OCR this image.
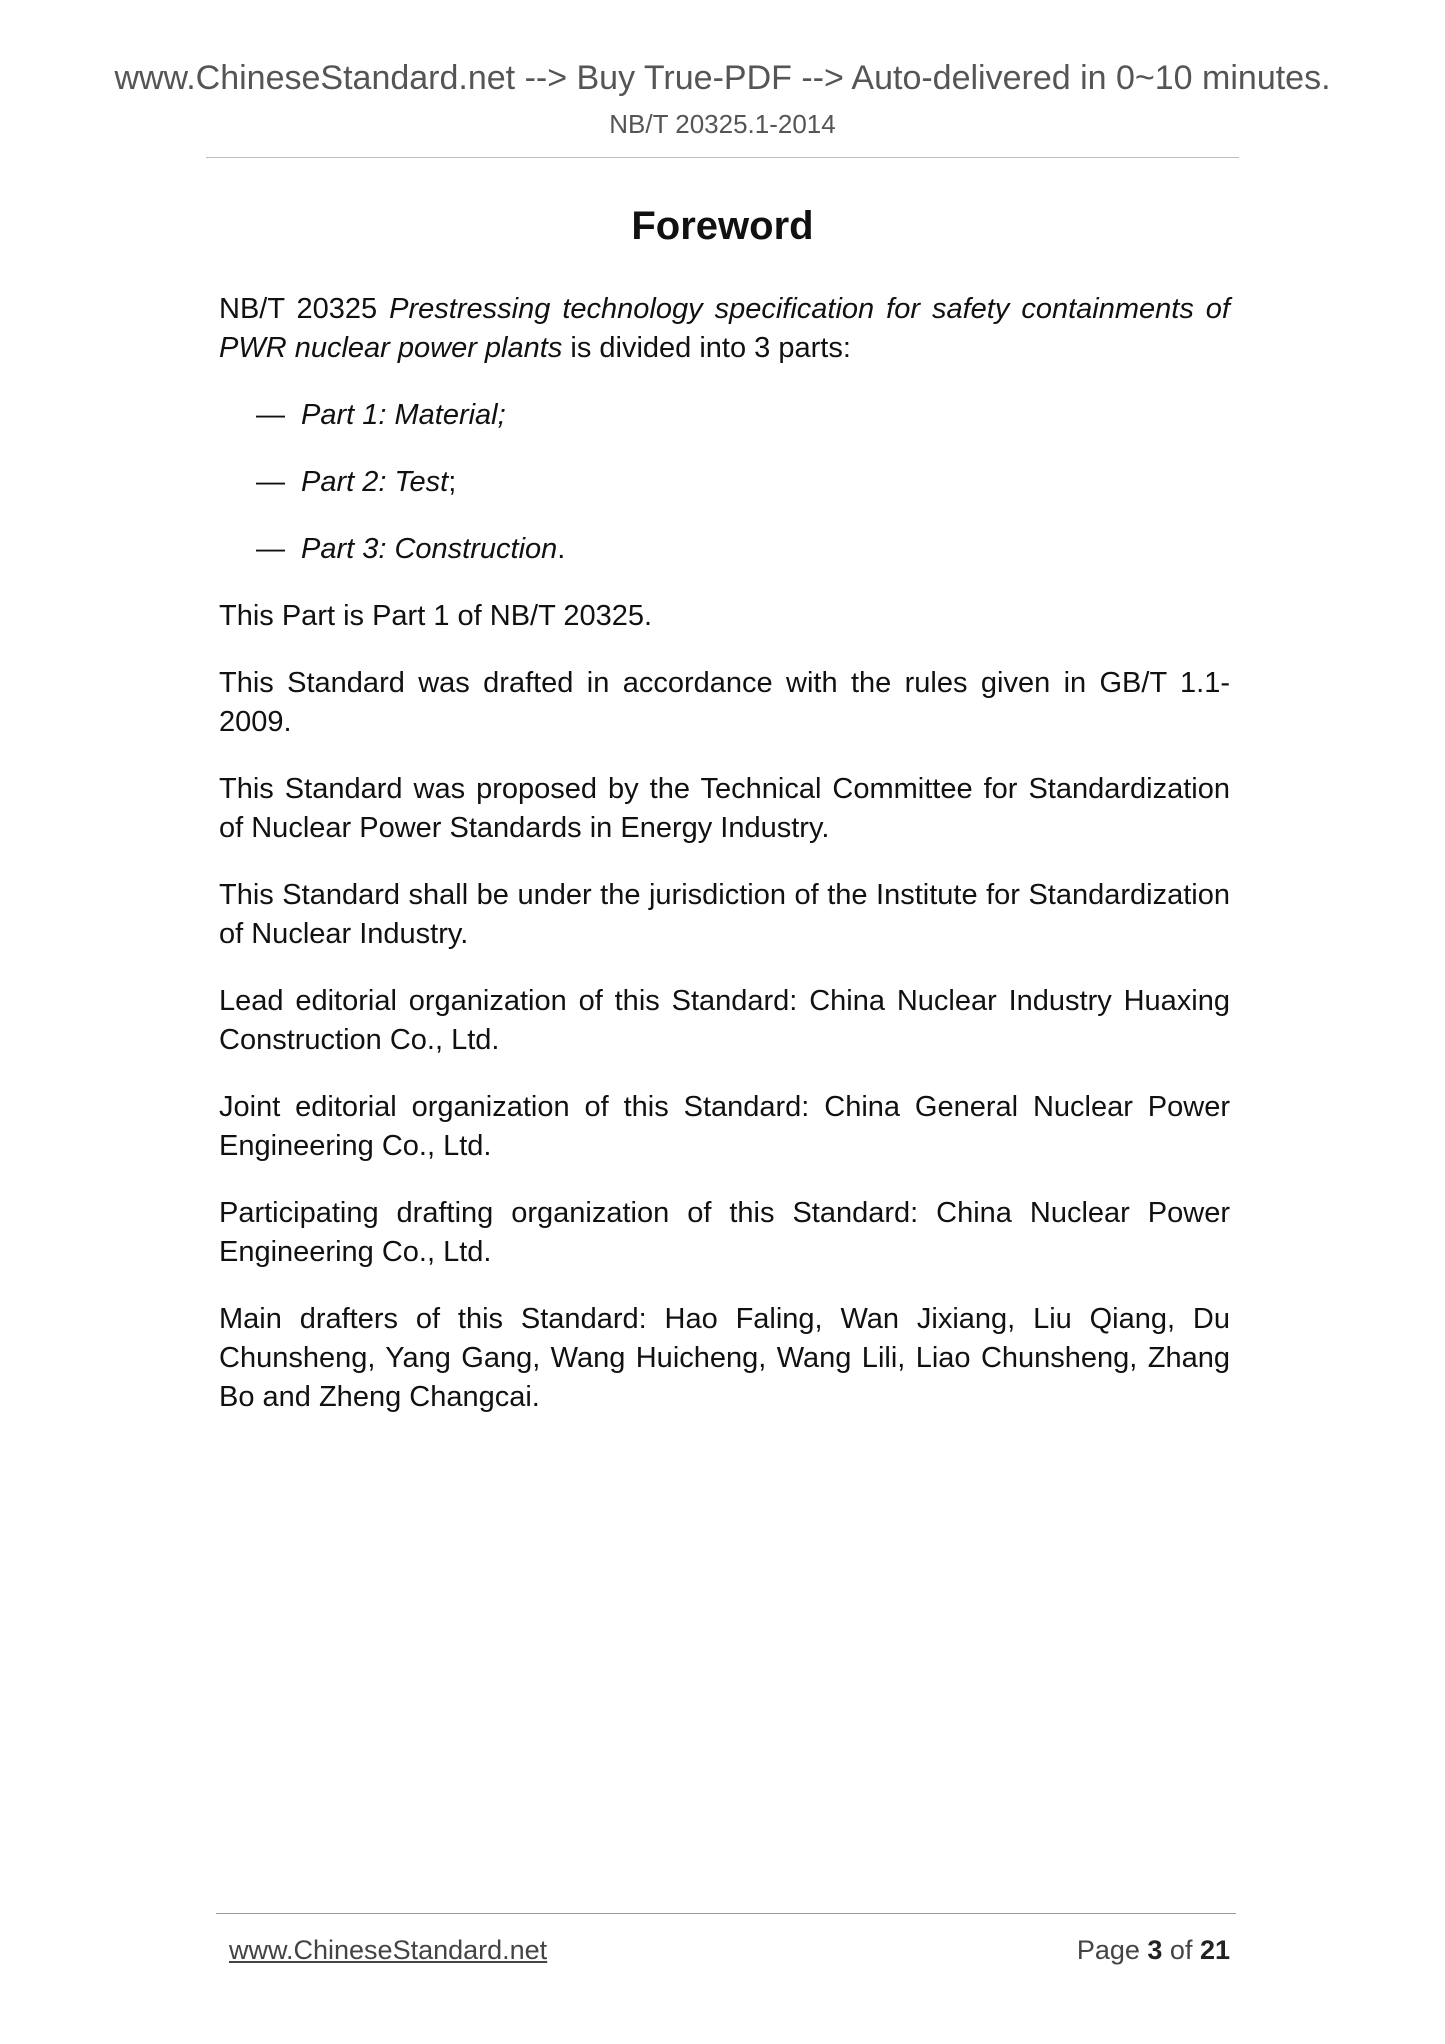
www.ChineseStandard.net --> Buy True-PDF --> Auto-delivered in 0~10 minutes.
NB/T 20325.1-2014
Foreword

NB/T 20325 Prestressing technology specification for safety containments of PWR nuclear power plants is divided into 3 parts:

— Part 1: Material;
— Part 2: Test;
— Part 3: Construction.

This Part is Part 1 of NB/T 20325.

This Standard was drafted in accordance with the rules given in GB/T 1.1-2009.

This Standard was proposed by the Technical Committee for Standardization of Nuclear Power Standards in Energy Industry.

This Standard shall be under the jurisdiction of the Institute for Standardization of Nuclear Industry.

Lead editorial organization of this Standard: China Nuclear Industry Huaxing Construction Co., Ltd.

Joint editorial organization of this Standard: China General Nuclear Power Engineering Co., Ltd.

Participating drafting organization of this Standard: China Nuclear Power Engineering Co., Ltd.

Main drafters of this Standard: Hao Faling, Wan Jixiang, Liu Qiang, Du Chunsheng, Yang Gang, Wang Huicheng, Wang Lili, Liao Chunsheng, Zhang Bo and Zheng Changcai.

www.ChineseStandard.net	Page 3 of 21
